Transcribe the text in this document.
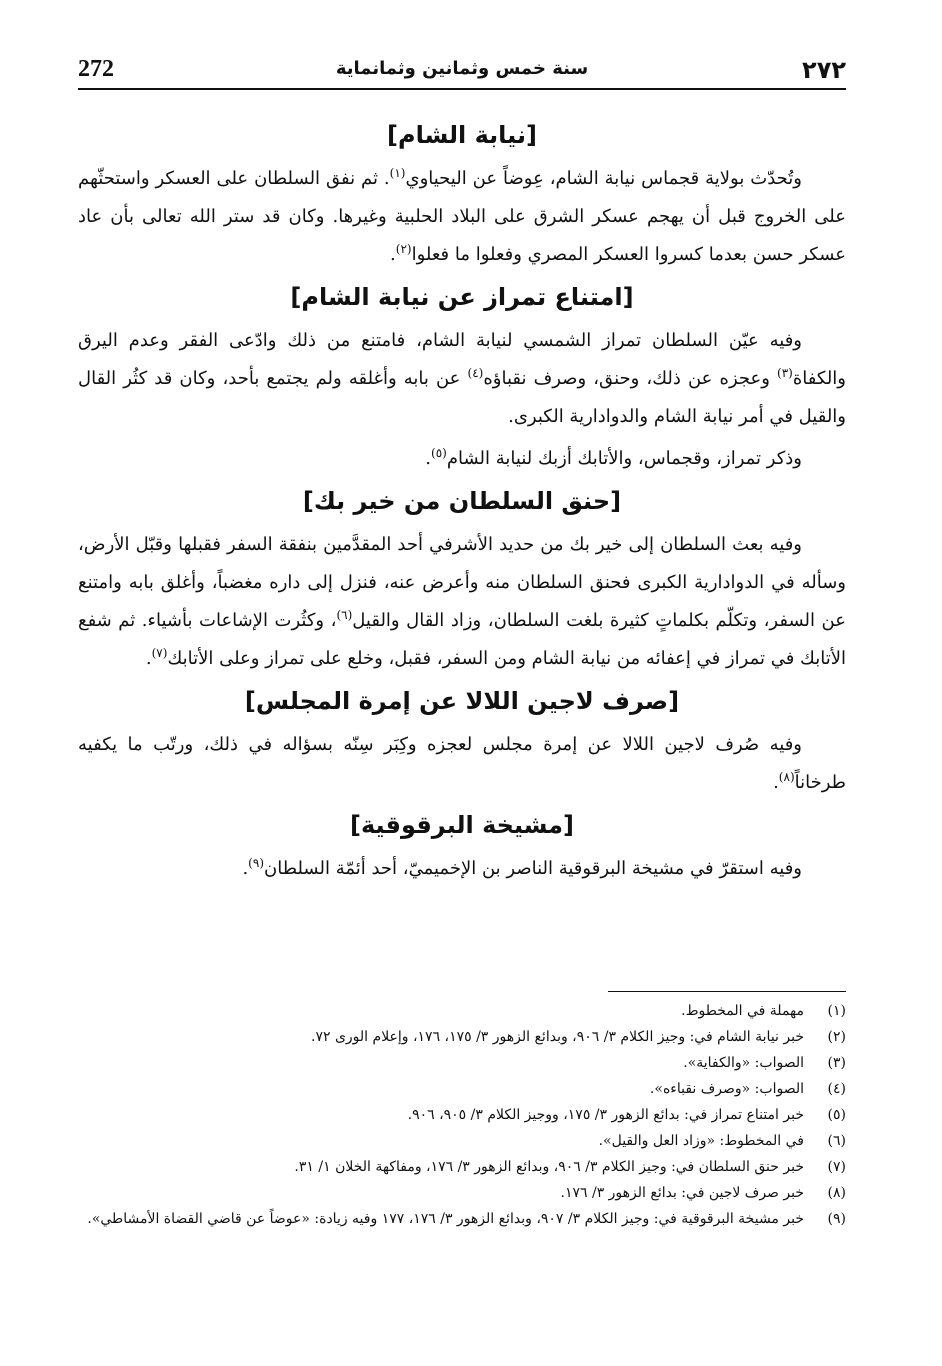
272	سنة خمس وثمانين وثمانماية	٢٧٢
[نيابة الشام]

وتُحدّث بولاية قجماس نيابة الشام، عِوضاً عن اليحياوي$^{(١)}$. ثم نفق السلطان على العسكر واستحثّهم على الخروج قبل أن يهجم عسكر الشرق على البلاد الحلبية وغيرها. وكان قد ستر الله تعالى بأن عاد عسكر حسن بعدما كسروا العسكر المصري وفعلوا ما فعلوا$^{(٢)}$.

[امتناع تمراز عن نيابة الشام]

وفيه عيّن السلطان تمراز الشمسي لنيابة الشام، فامتنع من ذلك وادّعى الفقر وعدم اليرق والكفاة$^{(٣)}$ وعجزه عن ذلك، وحنق، وصرف نقباؤه$^{(٤)}$ عن بابه وأغلقه ولم يجتمع بأحد، وكان قد كثُر القال والقيل في أمر نيابة الشام والدوادارية الكبرى.

وذكر تمراز، وقجماس، والأتابك أزبك لنيابة الشام$^{(٥)}$.

[حنق السلطان من خير بك]

وفيه بعث السلطان إلى خير بك من حديد الأشرفي أحد المقدَّمين بنفقة السفر فقبلها وقبّل الأرض، وسأله في الدوادارية الكبرى فحنق السلطان منه وأعرض عنه، فنزل إلى داره مغضباً، وأغلق بابه وامتنع عن السفر، وتكلّم بكلماتٍ كثيرة بلغت السلطان، وزاد القال والقيل$^{(٦)}$، وكثُرت الإشاعات بأشياء. ثم شفع الأتابك في تمراز في إعفائه من نيابة الشام ومن السفر، فقبل، وخلع على تمراز وعلى الأتابك$^{(٧)}$.

[صرف لاجين اللالا عن إمرة المجلس]

وفيه صُرف لاجين اللالا عن إمرة مجلس لعجزه وكِبَر سِنّه بسؤاله في ذلك، ورتّب ما يكفيه طرخاناً$^{(٨)}$.

[مشيخة البرقوقية]

وفيه استقرّ في مشيخة البرقوقية الناصر بن الإخميميّ، أحد أئمّة السلطان$^{(٩)}$.

(١)
مهملة في المخطوط.

(٢)
خبر نيابة الشام في: وجيز الكلام ٣/ ٩٠٦، وبدائع الزهور ٣/ ١٧٥، ١٧٦، وإعلام الورى ٧٢.

(٣)
الصواب: «والكفاية».

(٤)
الصواب: «وصرف نقباءه».

(٥)
خبر امتناع تمراز في: بدائع الزهور ٣/ ١٧٥، ووجيز الكلام ٣/ ٩٠٥، ٩٠٦.

(٦)
في المخطوط: «وزاد العل والقيل».

(٧)
خبر حنق السلطان في: وجيز الكلام ٣/ ٩٠٦، وبدائع الزهور ٣/ ١٧٦، ومفاكهة الخلان ١/ ٣١.

(٨)
خبر صرف لاجين في: بدائع الزهور ٣/ ١٧٦.

(٩)
خبر مشيخة البرقوقية في: وجيز الكلام ٣/ ٩٠٧، وبدائع الزهور ٣/ ١٧٦، ١٧٧ وفيه زيادة: «عوضاً عن قاضي القضاة الأمشاطي».
